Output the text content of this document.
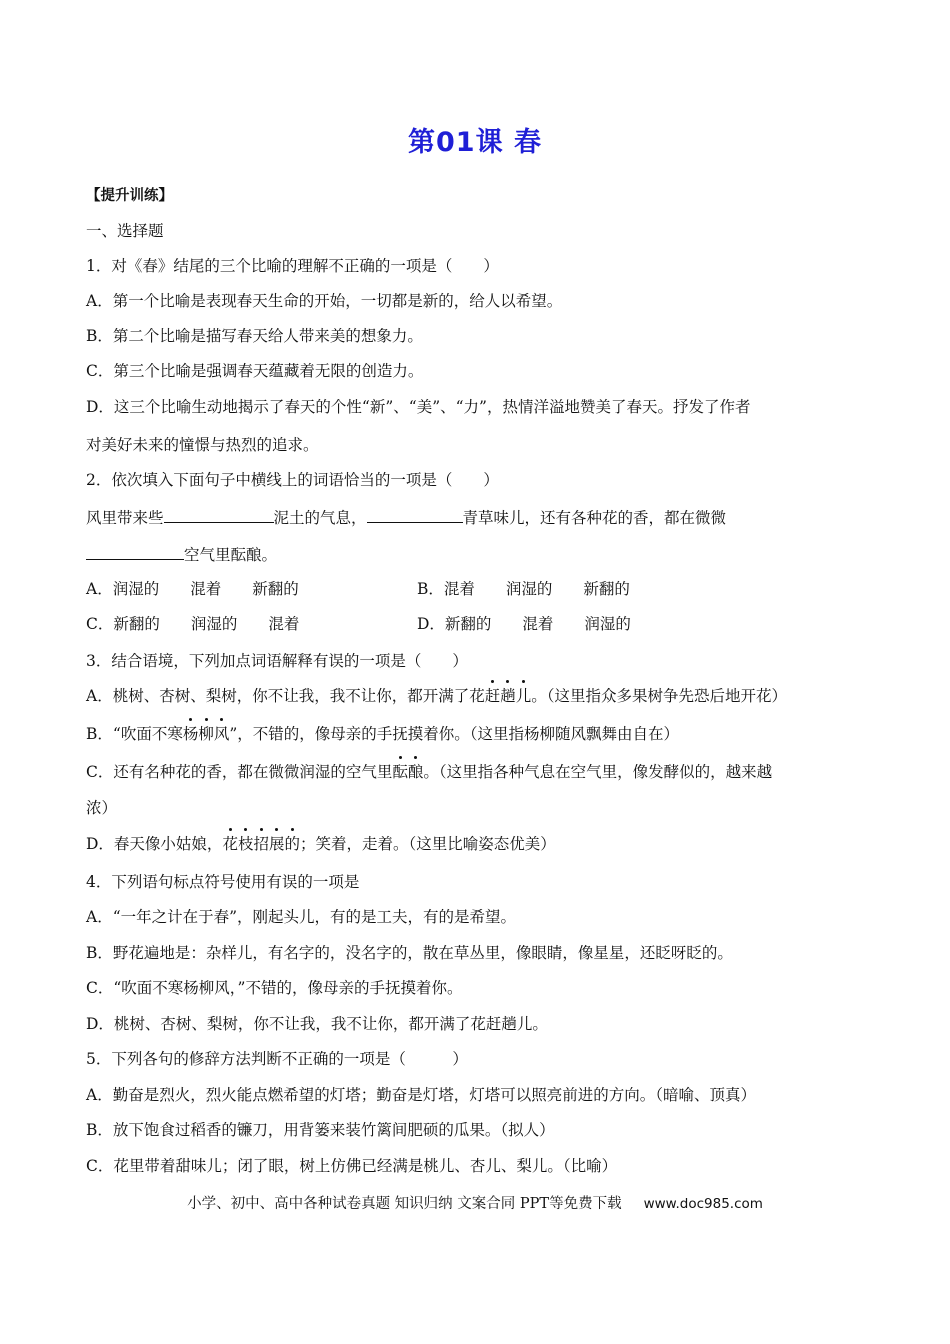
第01课 春
【提升训练】
一、选择题
1．对《春》结尾的三个比喻的理解不正确的一项是（　　）
A．第一个比喻是表现春天生命的开始，一切都是新的，给人以希望。
B．第二个比喻是描写春天给人带来美的想象力。
C．第三个比喻是强调春天蕴藏着无限的创造力。
D．这三个比喻生动地揭示了春天的个性“新”、“美”、“力”，热情洋溢地赞美了春天。抒发了作者
对美好未来的憧憬与热烈的追求。
2．依次填入下面句子中横线上的词语恰当的一项是（　　）
风里带来些	泥土的气息，	青草味儿，还有各种花的香，都在微微
空气里酝酿。
A．润湿的　　混着　　新翻的	B．混着　　润湿的　　新翻的
C．新翻的　　润湿的　　混着	D．新翻的　　混着　　润湿的
3．结合语境，下列加点词语解释有误的一项是（　　）
A．桃树、杏树、梨树，你不让我，我不让你，都开满了花赶趟儿。（这里指众多果树争先恐后地开花）
B．“吹面不寒杨柳风”，不错的，像母亲的手抚摸着你。（这里指杨柳随风飘舞由自在）
C．还有名种花的香，都在微微润湿的空气里酝酿。（这里指各种气息在空气里，像发酵似的，越来越
浓）
D．春天像小姑娘，花枝招展的；笑着，走着。（这里比喻姿态优美）
4．下列语句标点符号使用有误的一项是
A．“一年之计在于春”，刚起头儿，有的是工夫，有的是希望。
B．野花遍地是：杂样儿，有名字的，没名字的，散在草丛里，像眼睛，像星星，还眨呀眨的。
C．“吹面不寒杨柳风，”不错的，像母亲的手抚摸着你。
D．桃树、杏树、梨树，你不让我，我不让你，都开满了花赶趟儿。
5．下列各句的修辞方法判断不正确的一项是（　　　）
A．勤奋是烈火，烈火能点燃希望的灯塔；勤奋是灯塔，灯塔可以照亮前进的方向。（暗喻、顶真）
B．放下饱食过稻香的镰刀，用背篓来装竹篱间肥硕的瓜果。（拟人）
C．花里带着甜味儿；闭了眼，树上仿佛已经满是桃儿、杏儿、梨儿。（比喻）
小学、初中、高中各种试卷真题 知识归纳 文案合同 PPT等免费下载 www.doc985.com
